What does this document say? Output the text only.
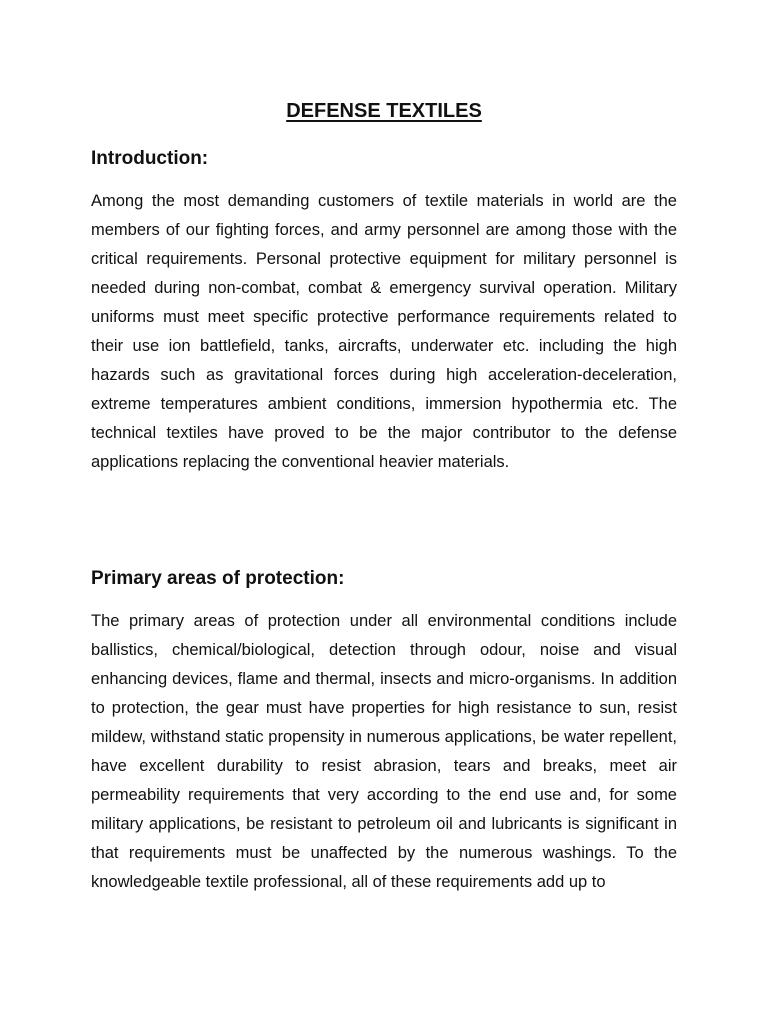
DEFENSE TEXTILES
Introduction:

Among the most demanding customers of textile materials in world are the members of our fighting forces, and army personnel are among those with the critical requirements. Personal protective equipment for military personnel is needed during non-combat, combat & emergency survival operation. Military uniforms must meet specific protective performance requirements related to their use ion battlefield, tanks, aircrafts, underwater etc. including the high hazards such as gravitational forces during high acceleration-deceleration, extreme temperatures ambient conditions, immersion hypothermia etc. The technical textiles have proved to be the major contributor to the defense applications replacing the conventional heavier materials.

Primary areas of protection:

The primary areas of protection under all environmental conditions include ballistics, chemical/biological, detection through odour, noise and visual enhancing devices, flame and thermal, insects and micro-organisms. In addition to protection, the gear must have properties for high resistance to sun, resist mildew, withstand static propensity in numerous applications, be water repellent, have excellent durability to resist abrasion, tears and breaks, meet air permeability requirements that very according to the end use and, for some military applications, be resistant to petroleum oil and lubricants is significant in that requirements must be unaffected by the numerous washings. To the knowledgeable textile professional, all of these requirements add up to
